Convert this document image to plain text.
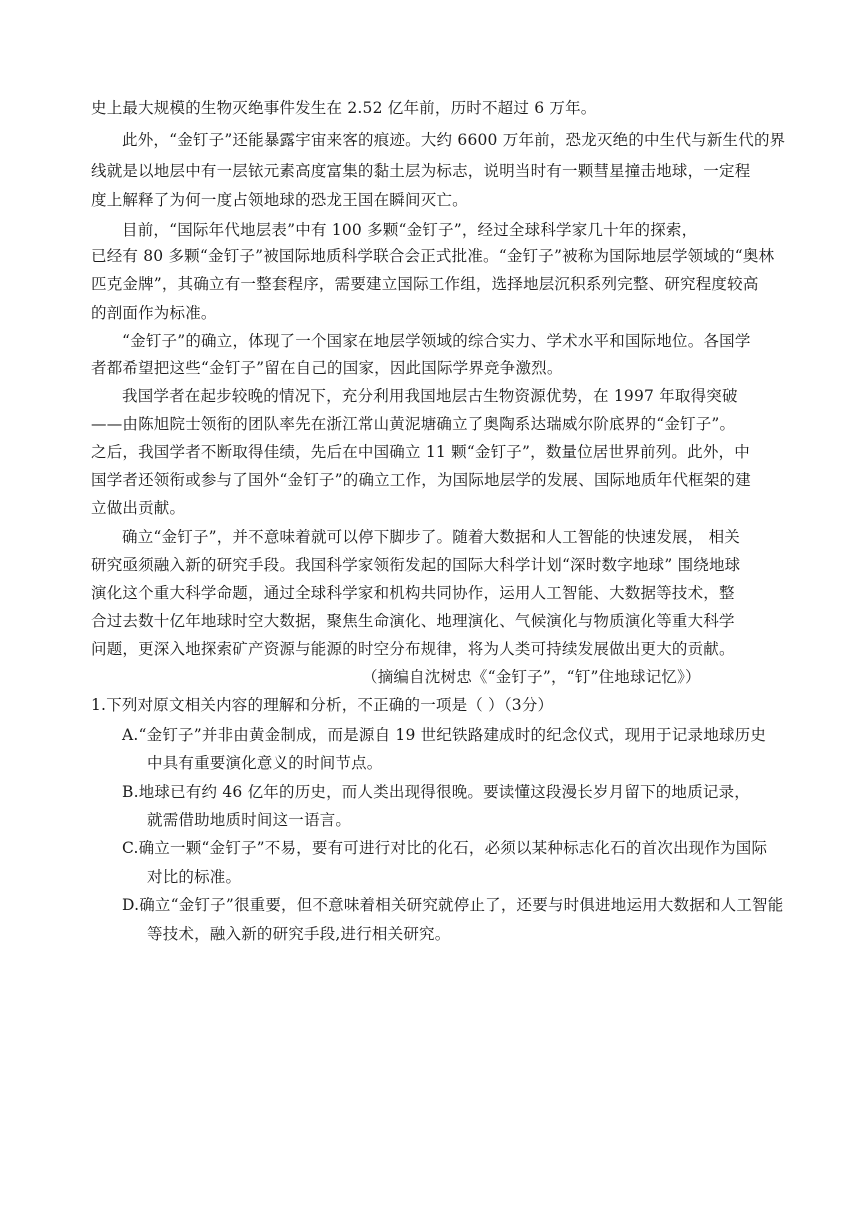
史上最大规模的生物灭绝事件发生在 2.52 亿年前，历时不超过 6 万年。
此外，“金钉子”还能暴露宇宙来客的痕迹。大约 6600 万年前，恐龙灭绝的中生代与新生代的界
线就是以地层中有一层铱元素高度富集的黏土层为标志，说明当时有一颗彗星撞击地球，一定程
度上解释了为何一度占领地球的恐龙王国在瞬间灭亡。
目前，“国际年代地层表”中有 100 多颗“金钉子”，经过全球科学家几十年的探索，
已经有 80 多颗“金钉子”被国际地质科学联合会正式批准。“金钉子”被称为国际地层学领域的“奥林
匹克金牌”，其确立有一整套程序，需要建立国际工作组，选择地层沉积系列完整、研究程度较高
的剖面作为标准。
“金钉子”的确立，体现了一个国家在地层学领域的综合实力、学术水平和国际地位。各国学
者都希望把这些“金钉子”留在自己的国家，因此国际学界竞争激烈。
我国学者在起步较晚的情况下，充分利用我国地层古生物资源优势，在 1997 年取得突破
——由陈旭院士领衔的团队率先在浙江常山黄泥塘确立了奥陶系达瑞威尔阶底界的“金钉子”。
之后，我国学者不断取得佳绩，先后在中国确立 11 颗“金钉子”，数量位居世界前列。此外，中
国学者还领衔或参与了国外“金钉子”的确立工作，为国际地层学的发展、国际地质年代框架的建
立做出贡献。
确立“金钉子”，并不意味着就可以停下脚步了。随着大数据和人工智能的快速发展， 相关
研究亟须融入新的研究手段。我国科学家领衔发起的国际大科学计划“深时数字地球” 围绕地球
演化这个重大科学命题，通过全球科学家和机构共同协作，运用人工智能、大数据等技术，整
合过去数十亿年地球时空大数据，聚焦生命演化、地理演化、气候演化与物质演化等重大科学
问题，更深入地探索矿产资源与能源的时空分布规律，将为人类可持续发展做出更大的贡献。
（摘编自沈树忠《“金钉子”，“钉”住地球记忆》）
1.下列对原文相关内容的理解和分析，不正确的一项是（ ）（3分）
A.“金钉子”并非由黄金制成，而是源自 19 世纪铁路建成时的纪念仪式，现用于记录地球历史
中具有重要演化意义的时间节点。
B.地球已有约 46 亿年的历史，而人类出现得很晚。要读懂这段漫长岁月留下的地质记录，
就需借助地质时间这一语言。
C.确立一颗“金钉子”不易，要有可进行对比的化石，必须以某种标志化石的首次出现作为国际
对比的标准。
D.确立“金钉子”很重要，但不意味着相关研究就停止了，还要与时俱进地运用大数据和人工智能
等技术，融入新的研究手段,进行相关研究。
